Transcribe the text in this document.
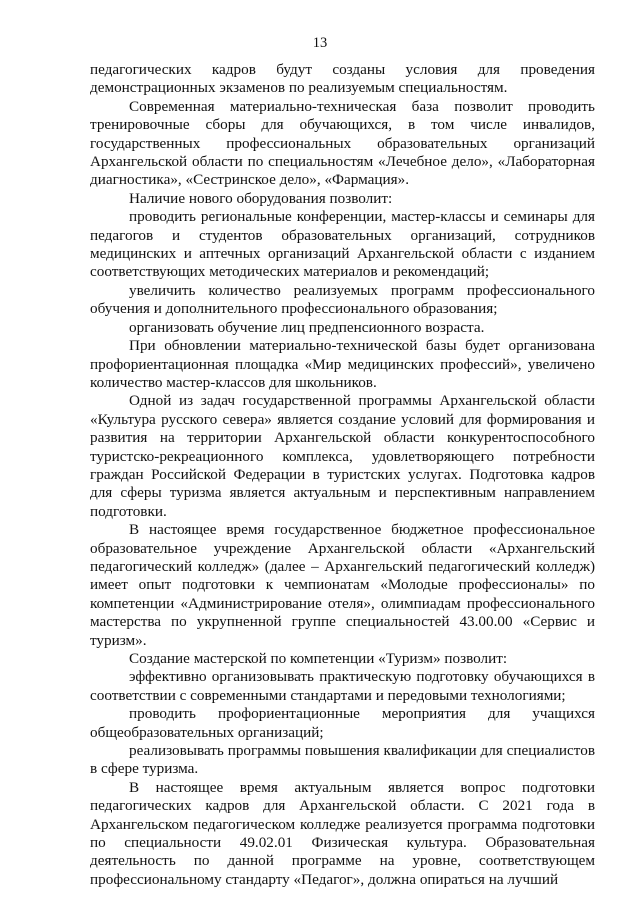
13

педагогических кадров будут созданы условия для проведения демонстрационных экзаменов по реализуемым специальностям.

Современная материально-техническая база позволит проводить тренировочные сборы для обучающихся, в том числе инвалидов, государственных профессиональных образовательных организаций Архангельской области по специальностям «Лечебное дело», «Лабораторная диагностика», «Сестринское дело», «Фармация».

Наличие нового оборудования позволит:

проводить региональные конференции, мастер-классы и семинары для педагогов и студентов образовательных организаций, сотрудников медицинских и аптечных организаций Архангельской области с изданием соответствующих методических материалов и рекомендаций;

увеличить количество реализуемых программ профессионального обучения и дополнительного профессионального образования;

организовать обучение лиц предпенсионного возраста.

При обновлении материально-технической базы будет организована профориентационная площадка «Мир медицинских профессий», увеличено количество мастер-классов для школьников.

Одной из задач государственной программы Архангельской области «Культура русского севера» является создание условий для формирования и развития на территории Архангельской области конкурентоспособного туристско-рекреационного комплекса, удовлетворяющего потребности граждан Российской Федерации в туристских услугах. Подготовка кадров для сферы туризма является актуальным и перспективным направлением подготовки.

В настоящее время государственное бюджетное профессиональное образовательное учреждение Архангельской области «Архангельский педагогический колледж» (далее – Архангельский педагогический колледж) имеет опыт подготовки к чемпионатам «Молодые профессионалы» по компетенции «Администрирование отеля», олимпиадам профессионального мастерства по укрупненной группе специальностей 43.00.00 «Сервис и туризм».

Создание мастерской по компетенции «Туризм» позволит:

эффективно организовывать практическую подготовку обучающихся в соответствии с современными стандартами и передовыми технологиями;

проводить профориентационные мероприятия для учащихся общеобразовательных организаций;

реализовывать программы повышения квалификации для специалистов в сфере туризма.

В настоящее время актуальным является вопрос подготовки педагогических кадров для Архангельской области. С 2021 года в Архангельском педагогическом колледже реализуется программа подготовки по специальности 49.02.01 Физическая культура. Образовательная деятельность по данной программе на уровне, соответствующем профессиональному стандарту «Педагог», должна опираться на лучший
